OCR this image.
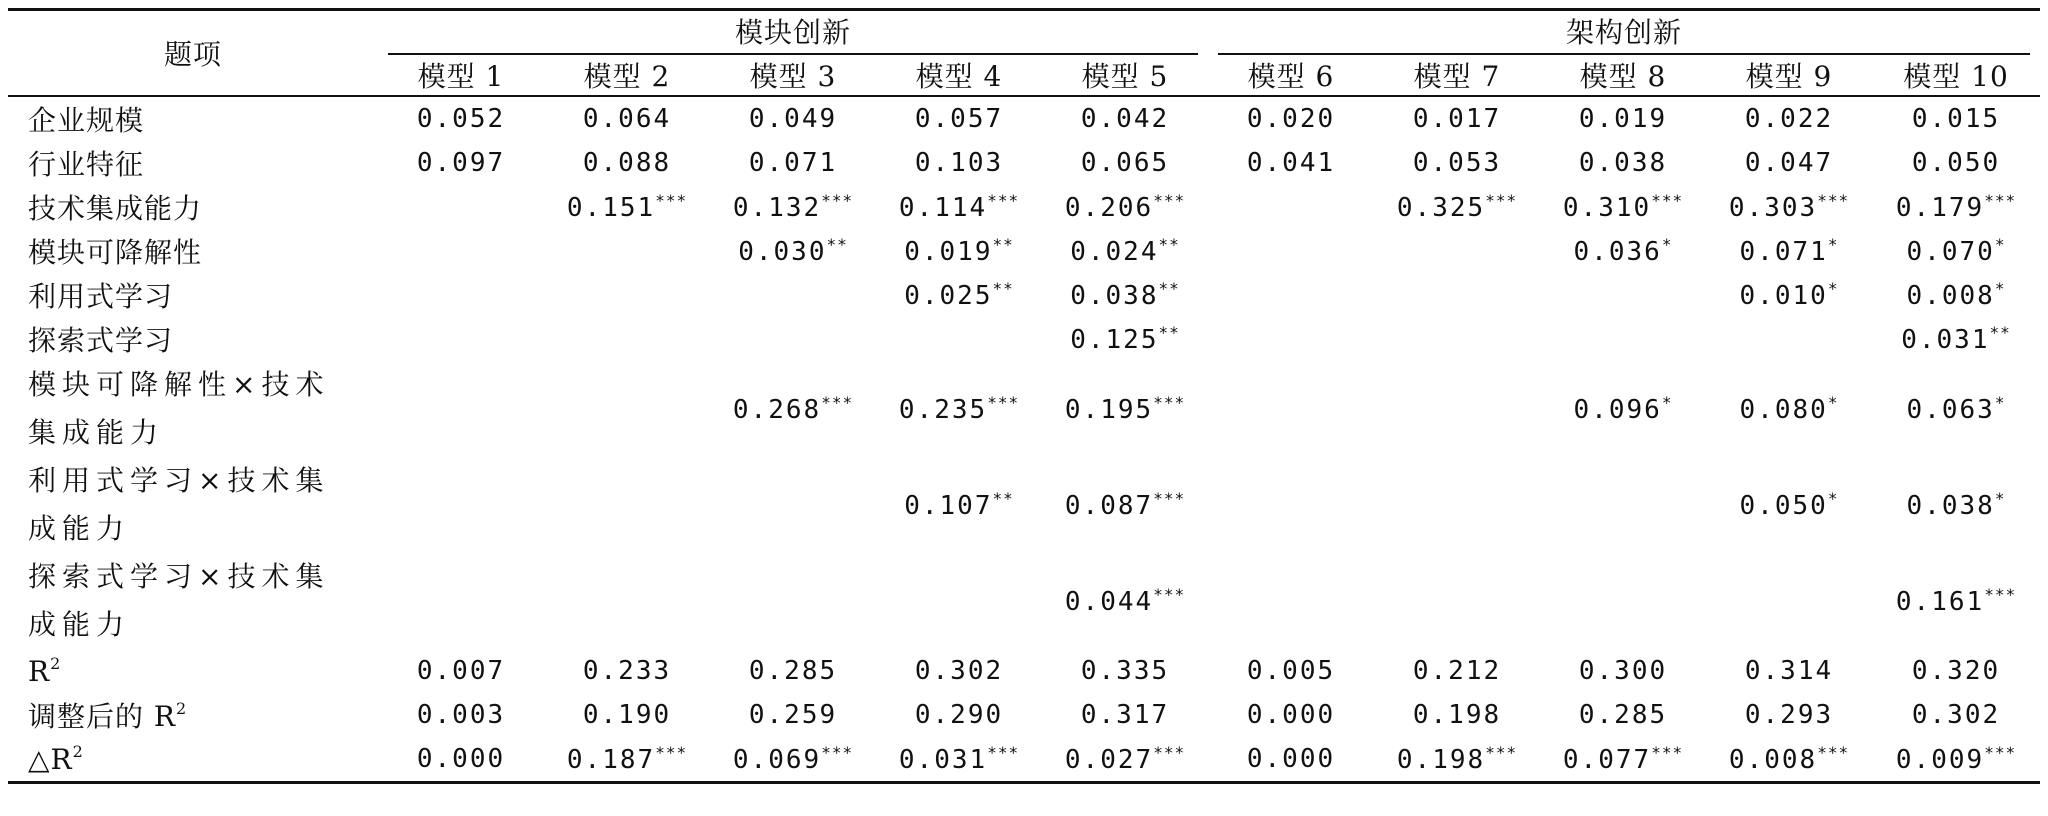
题项	模块创新					架构创新				

	模型 1	模型 2	模型 3	模型 4	模型 5	模型 6	模型 7	模型 8	模型 9	模型 10
企业规模	0.052	0.064	0.049	0.057	0.042	0.020	0.017	0.019	0.022	0.015
行业特征	0.097	0.088	0.071	0.103	0.065	0.041	0.053	0.038	0.047	0.050
技术集成能力		0.151***	0.132***	0.114***	0.206***		0.325***	0.310***	0.303***	0.179***
模块可降解性			0.030**	0.019**	0.024**			0.036*	0.071*	0.070*
利用式学习				0.025**	0.038**				0.010*	0.008*
探索式学习					0.125**					0.031**

模块可降解性×技术
集成能力			0.268***	0.235***	0.195***			0.096*	0.080*	0.063*

利用式学习×技术集
成能力				0.107**	0.087***				0.050*	0.038*

探索式学习×技术集
成能力					0.044***					0.161***
$R^2$	0.007	0.233	0.285	0.302	0.335	0.005	0.212	0.300	0.314	0.320
调整后的 $R^2$	0.003	0.190	0.259	0.290	0.317	0.000	0.198	0.285	0.293	0.302
$\triangle R^2$	0.000	0.187***	0.069***	0.031***	0.027***	0.000	0.198***	0.077***	0.008***	0.009***
